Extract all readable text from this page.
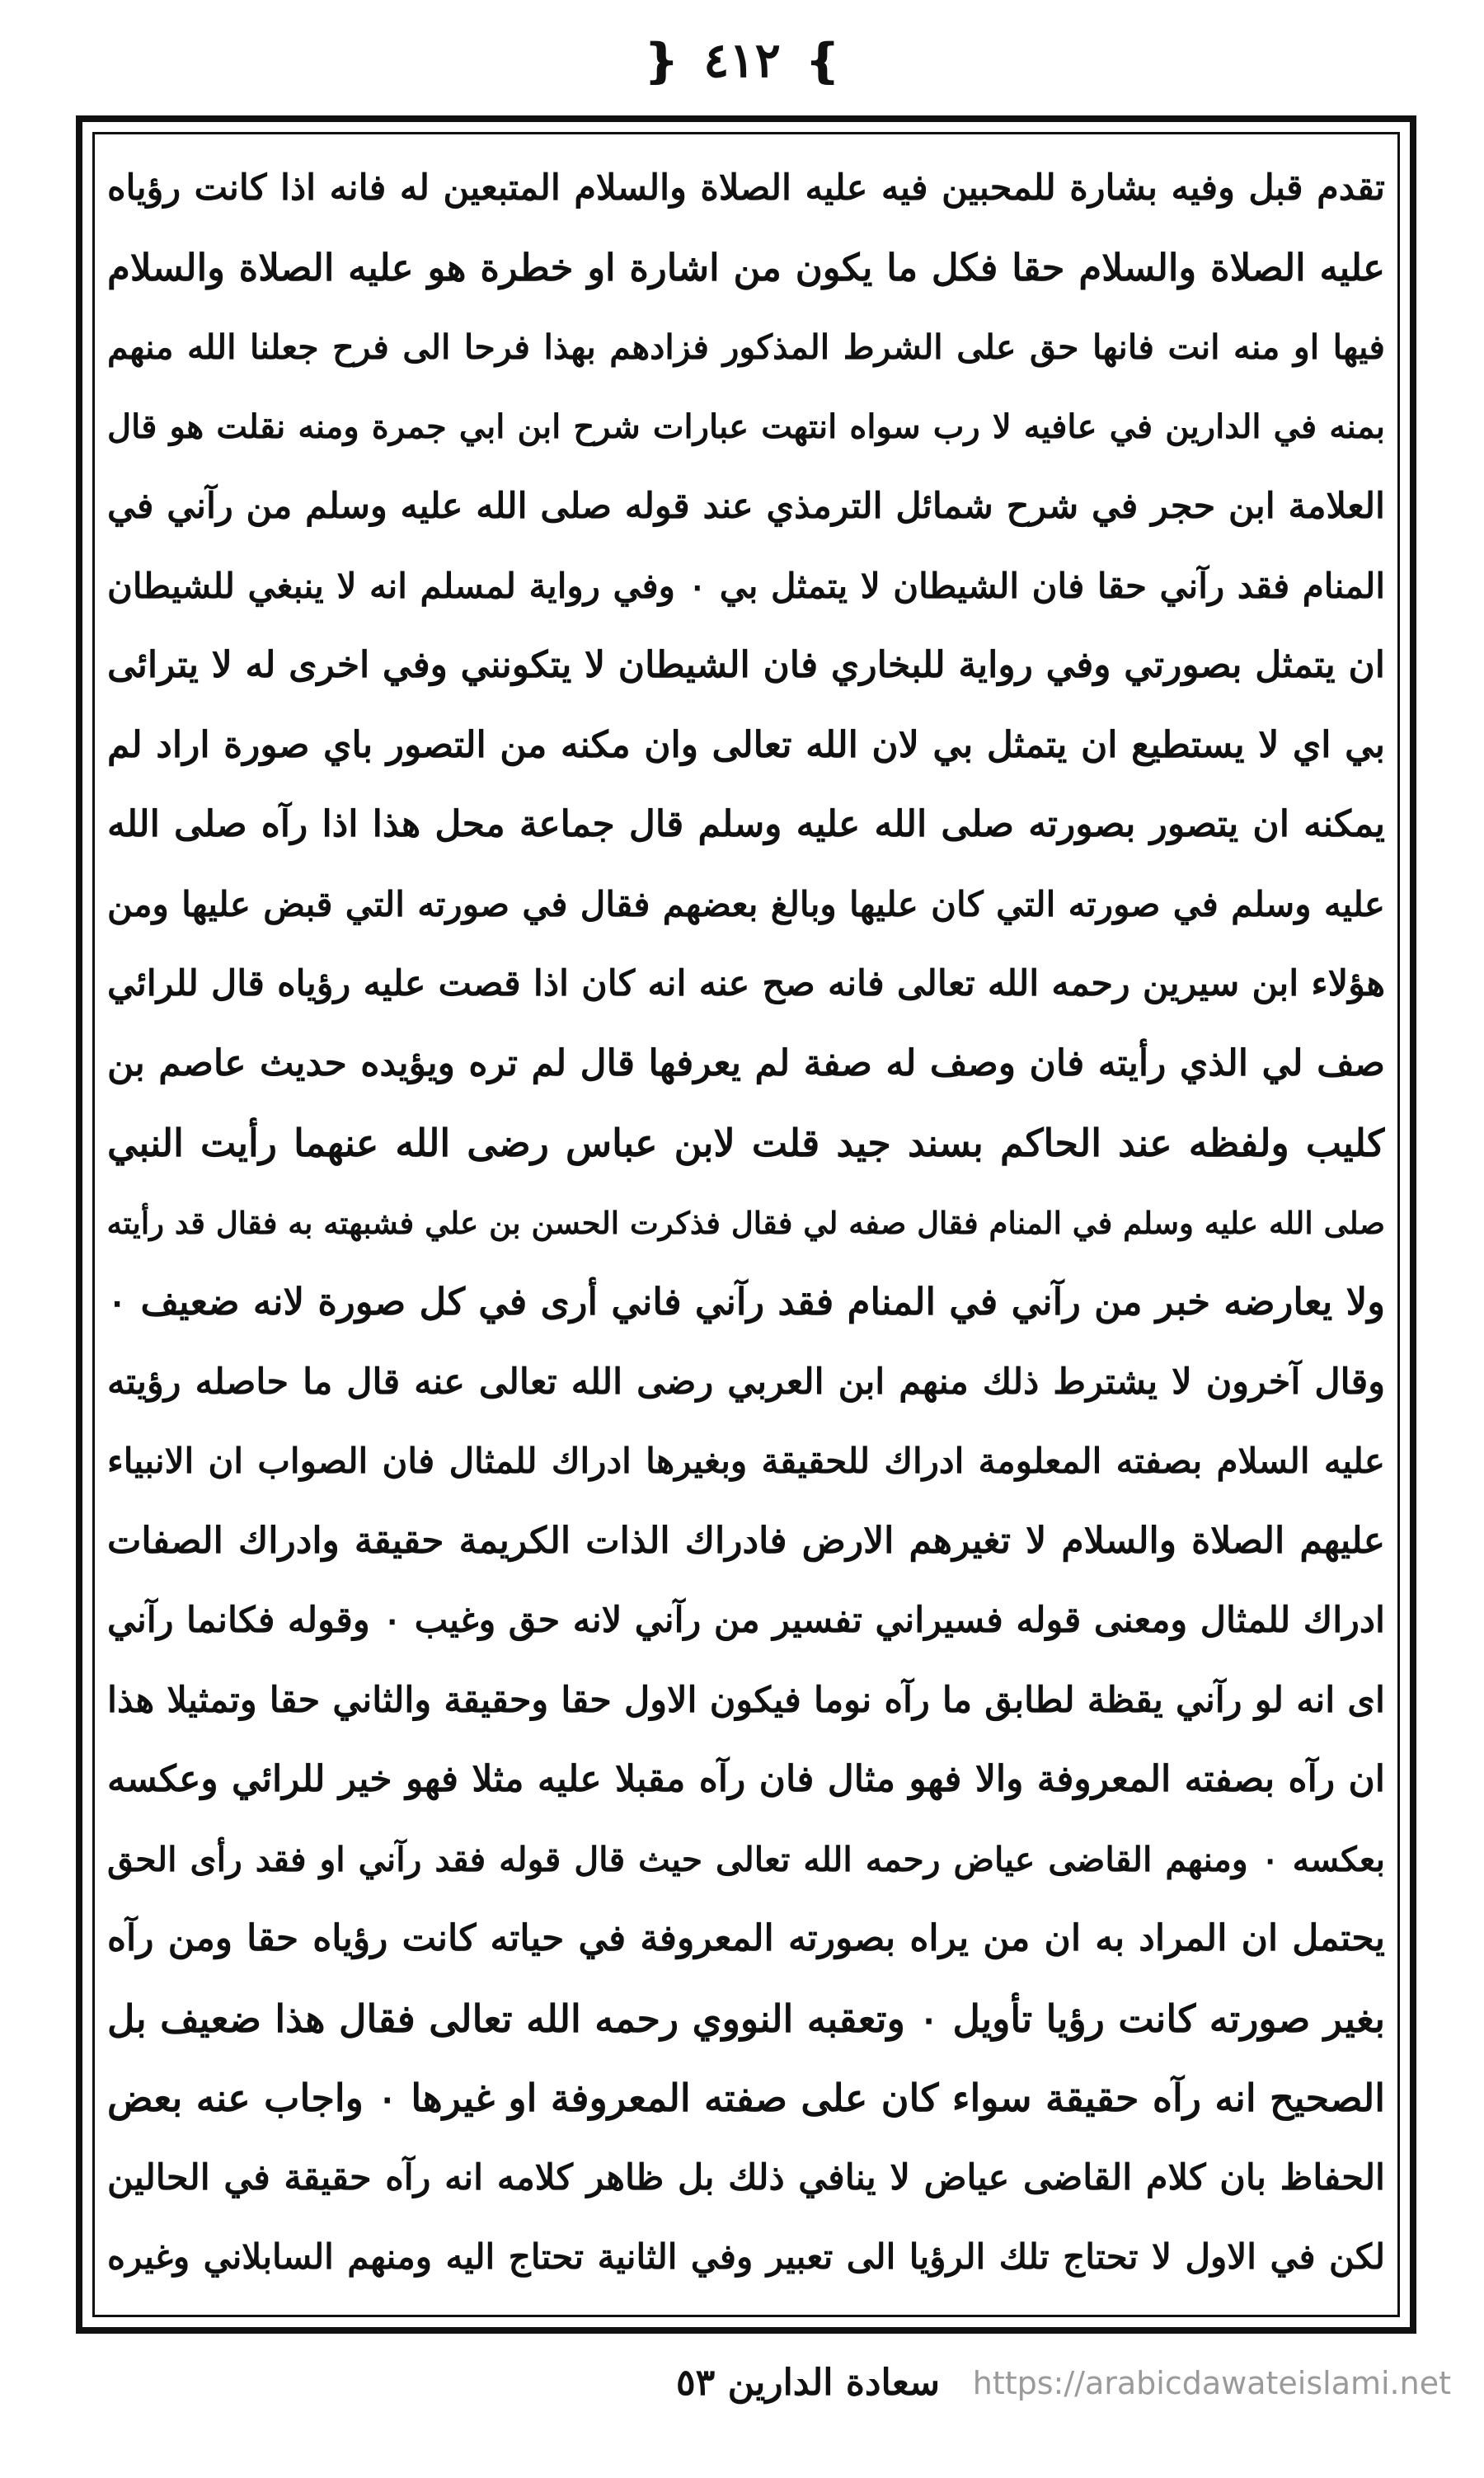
❵ ٤١٢ ❴
تقدم قبل وفيه بشارة للمحبين فيه عليه الصلاة والسلام المتبعين له فانه اذا كانت رؤياه
عليه الصلاة والسلام حقا فكل ما يكون من اشارة او خطرة هو عليه الصلاة والسلام
فيها او منه انت فانها حق على الشرط المذكور فزادهم بهذا فرحا الى فرح جعلنا الله منهم
بمنه في الدارين في عافيه لا رب سواه انتهت عبارات شرح ابن ابي جمرة ومنه نقلت هو قال
العلامة ابن حجر في شرح شمائل الترمذي عند قوله صلى الله عليه وسلم من رآني في
المنام فقد رآني حقا فان الشيطان لا يتمثل بي ۰ وفي رواية لمسلم انه لا ينبغي للشيطان
ان يتمثل بصورتي وفي رواية للبخاري فان الشيطان لا يتكونني وفي اخرى له لا يترائى
بي اي لا يستطيع ان يتمثل بي لان الله تعالى وان مكنه من التصور باي صورة اراد لم
يمكنه ان يتصور بصورته صلى الله عليه وسلم قال جماعة محل هذا اذا رآه صلى الله
عليه وسلم في صورته التي كان عليها وبالغ بعضهم فقال في صورته التي قبض عليها ومن
هؤلاء ابن سيرين رحمه الله تعالى فانه صح عنه انه كان اذا قصت عليه رؤياه قال للرائي
صف لي الذي رأيته فان وصف له صفة لم يعرفها قال لم تره ويؤيده حديث عاصم بن
كليب ولفظه عند الحاكم بسند جيد قلت لابن عباس رضى الله عنهما رأيت النبي
صلى الله عليه وسلم في المنام فقال صفه لي فقال فذكرت الحسن بن علي فشبهته به فقال قد رأيته
ولا يعارضه خبر من رآني في المنام فقد رآني فاني أرى في كل صورة لانه ضعيف ۰
وقال آخرون لا يشترط ذلك منهم ابن العربي رضى الله تعالى عنه قال ما حاصله رؤيته
عليه السلام بصفته المعلومة ادراك للحقيقة وبغيرها ادراك للمثال فان الصواب ان الانبياء
عليهم الصلاة والسلام لا تغيرهم الارض فادراك الذات الكريمة حقيقة وادراك الصفات
ادراك للمثال ومعنى قوله فسيراني تفسير من رآني لانه حق وغيب ۰ وقوله فكانما رآني
اى انه لو رآني يقظة لطابق ما رآه نوما فيكون الاول حقا وحقيقة والثاني حقا وتمثيلا هذا
ان رآه بصفته المعروفة والا فهو مثال فان رآه مقبلا عليه مثلا فهو خير للرائي وعكسه
بعكسه ۰ ومنهم القاضى عياض رحمه الله تعالى حيث قال قوله فقد رآني او فقد رأى الحق
يحتمل ان المراد به ان من يراه بصورته المعروفة في حياته كانت رؤياه حقا ومن رآه
بغير صورته كانت رؤيا تأويل ۰ وتعقبه النووي رحمه الله تعالى فقال هذا ضعيف بل
الصحيح انه رآه حقيقة سواء كان على صفته المعروفة او غيرها ۰ واجاب عنه بعض
الحفاظ بان كلام القاضى عياض لا ينافي ذلك بل ظاهر كلامه انه رآه حقيقة في الحالين
لكن في الاول لا تحتاج تلك الرؤيا الى تعبير وفي الثانية تحتاج اليه ومنهم السابلاني وغيره
سعادة الدارين ٥٣	https://arabicdawateislami.net
